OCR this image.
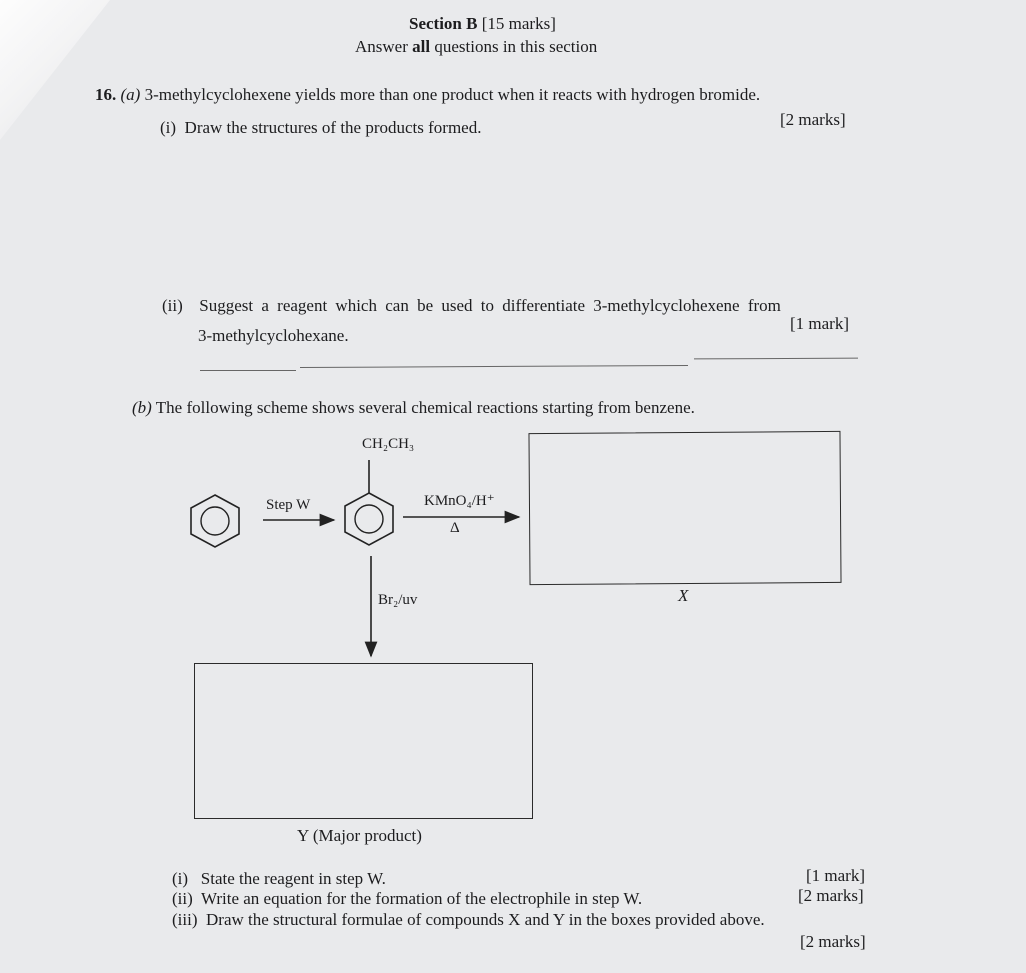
Section B [15 marks]
Answer all questions in this section
16. (a) 3-methylcyclohexene yields more than one product when it reacts with hydrogen bromide.
(i) Draw the structures of the products formed.	[2 marks]
(ii) Suggest a reagent which can be used to differentiate 3-methylcyclohexene from
3-methylcyclohexane.
[1 mark]
(b) The following scheme shows several chemical reactions starting from benzene.
CH₂CH₃
Step W	KMnO₄/H⁺
Δ
Br₂/uv	X
Y (Major product)
(i) State the reagent in step W.	[1 mark]
(ii) Write an equation for the formation of the electrophile in step W.	[2 marks]
(iii) Draw the structural formulae of compounds X and Y in the boxes provided above.
[2 marks]
